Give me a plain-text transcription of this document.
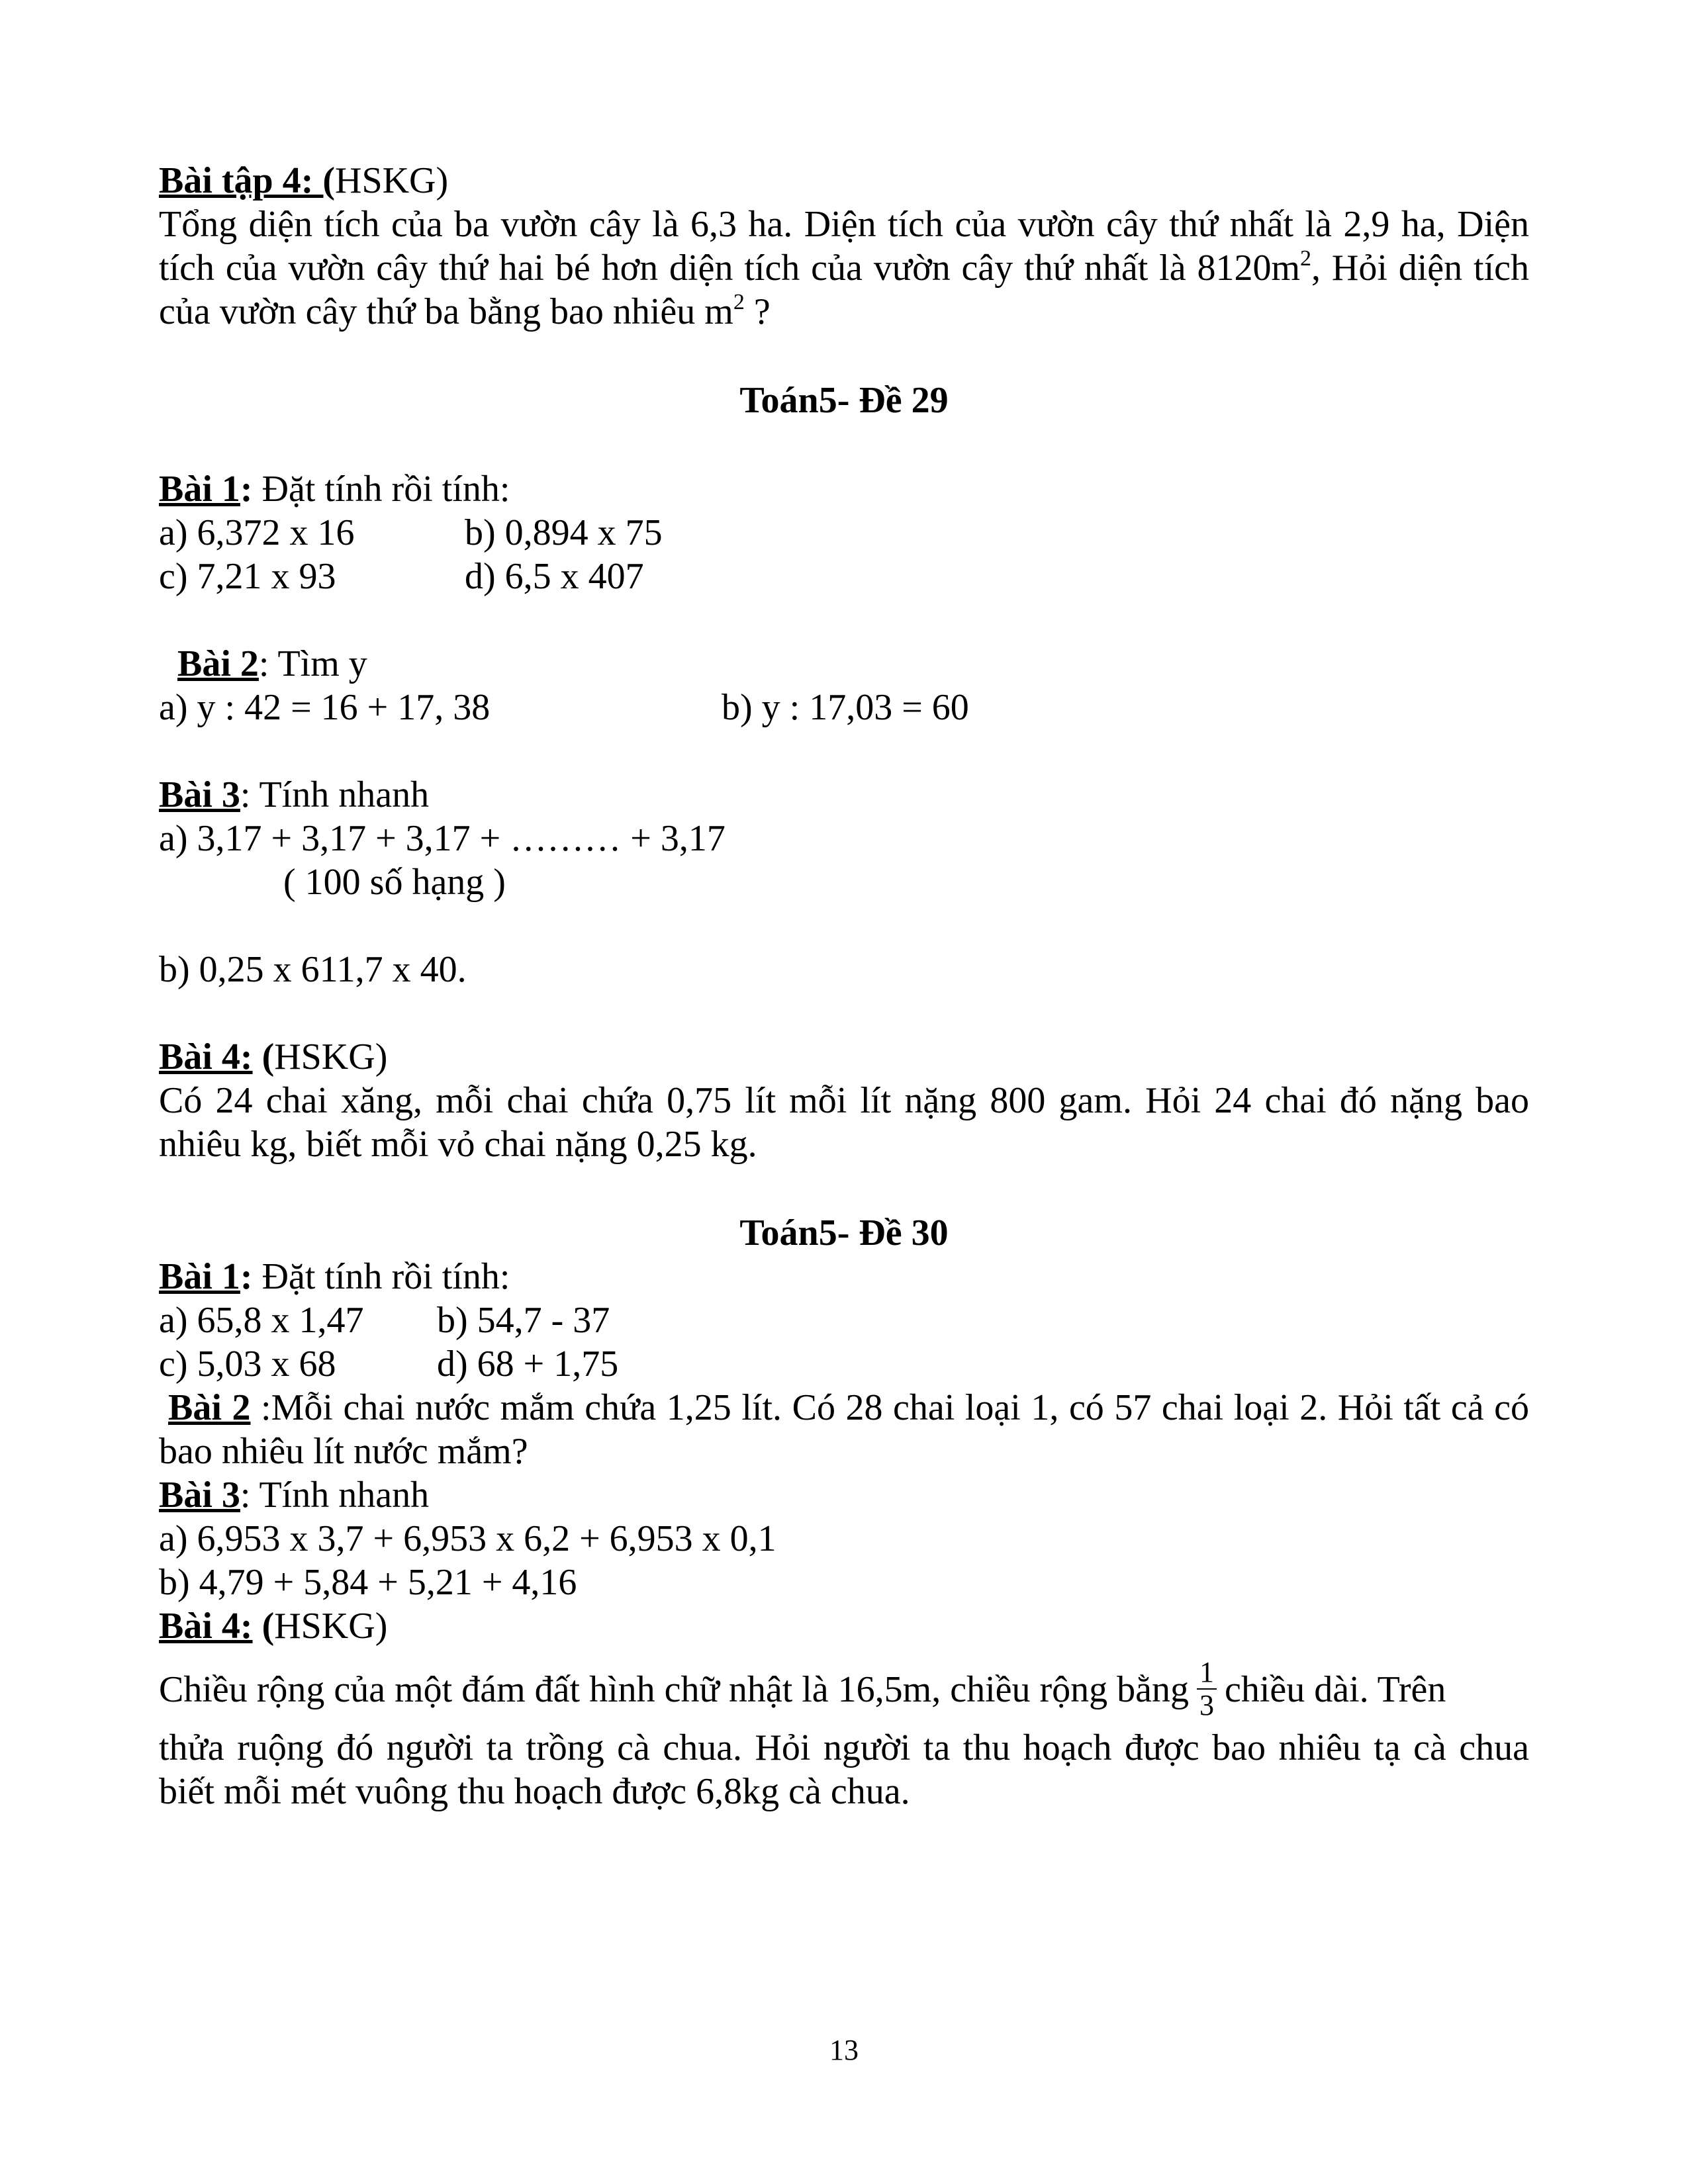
Bài tập 4: (HSKG)
Tổng diện tích của ba vườn cây là 6,3 ha. Diện tích của vườn cây thứ nhất là 2,9 ha, Diện tích của vườn cây thứ hai bé hơn diện tích của vườn cây thứ nhất là $8120m^2$, Hỏi diện tích của vườn cây thứ ba bằng bao nhiêu $m^2$ ?
Toán5- Đề 29
Bài 1: Đặt tính rồi tính:
a) 6,372 x 16	b) 0,894 x 75
c) 7,21 x 93	d) 6,5 x 407
Bài 2: Tìm y
a) y : 42 = 16 + 17, 38	b) y : 17,03 = 60
Bài 3: Tính nhanh
a) 3,17 + 3,17 + 3,17 + ……… + 3,17
( 100 số hạng )
b) 0,25 x 611,7 x 40.
Bài 4: (HSKG)
Có 24 chai xăng, mỗi chai chứa 0,75 lít mỗi lít nặng 800 gam. Hỏi 24 chai đó nặng bao nhiêu kg, biết mỗi vỏ chai nặng 0,25 kg.
Toán5- Đề 30
Bài 1: Đặt tính rồi tính:
a) 65,8 x 1,47 b) 54,7 - 37
c) 5,03 x 68	d) 68 + 1,75
Bài 2 :Mỗi chai nước mắm chứa 1,25 lít. Có 28 chai loại 1, có 57 chai loại 2. Hỏi tất cả có bao nhiêu lít nước mắm?
Bài 3: Tính nhanh
a) 6,953 x 3,7 + 6,953 x 6,2 + 6,953 x 0,1
b) 4,79 + 5,84 + 5,21 + 4,16
Bài 4: (HSKG)
Chiều rộng của một đám đất hình chữ nhật là 16,5m, chiều rộng bằng $\frac{1}{3}$ chiều dài. Trên
thửa ruộng đó người ta trồng cà chua. Hỏi người ta thu hoạch được bao nhiêu tạ cà chua biết mỗi mét vuông thu hoạch được 6,8kg cà chua.
13
